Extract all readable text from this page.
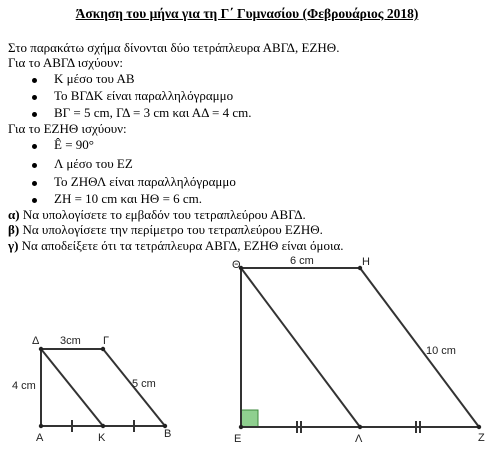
Άσκηση του μήνα για τη Γ΄ Γυμνασίου (Φεβρουάριος 2018)
Στο παρακάτω σχήμα δίνονται δύο τετράπλευρα ΑΒΓΔ, ΕΖΗΘ.
Για το ΑΒΓΔ ισχύουν:
Κ μέσο του ΑΒ
Το ΒΓΔΚ είναι παραλληλόγραμμο
ΒΓ = 5 cm, ΓΔ = 3 cm και ΑΔ = 4 cm.
Για το ΕΖΗΘ ισχύουν:
Ê = 90°
Λ μέσο του ΕΖ
Το ΖΗΘΛ είναι παραλληλόγραμμο
ΖΗ = 10 cm και ΗΘ = 6 cm.
α) Να υπολογίσετε το εμβαδόν του τετραπλεύρου ΑΒΓΔ.
β) Να υπολογίσετε την περίμετρο του τετραπλεύρου ΕΖΗΘ.
γ) Να αποδείξετε ότι τα τετράπλευρα ΑΒΓΔ, ΕΖΗΘ είναι όμοια.
Α	Κ	Β
Δ	Γ
3cm
4 cm	5 cm
Ε	Λ	Ζ
Θ	Η
6 cm
10 cm
